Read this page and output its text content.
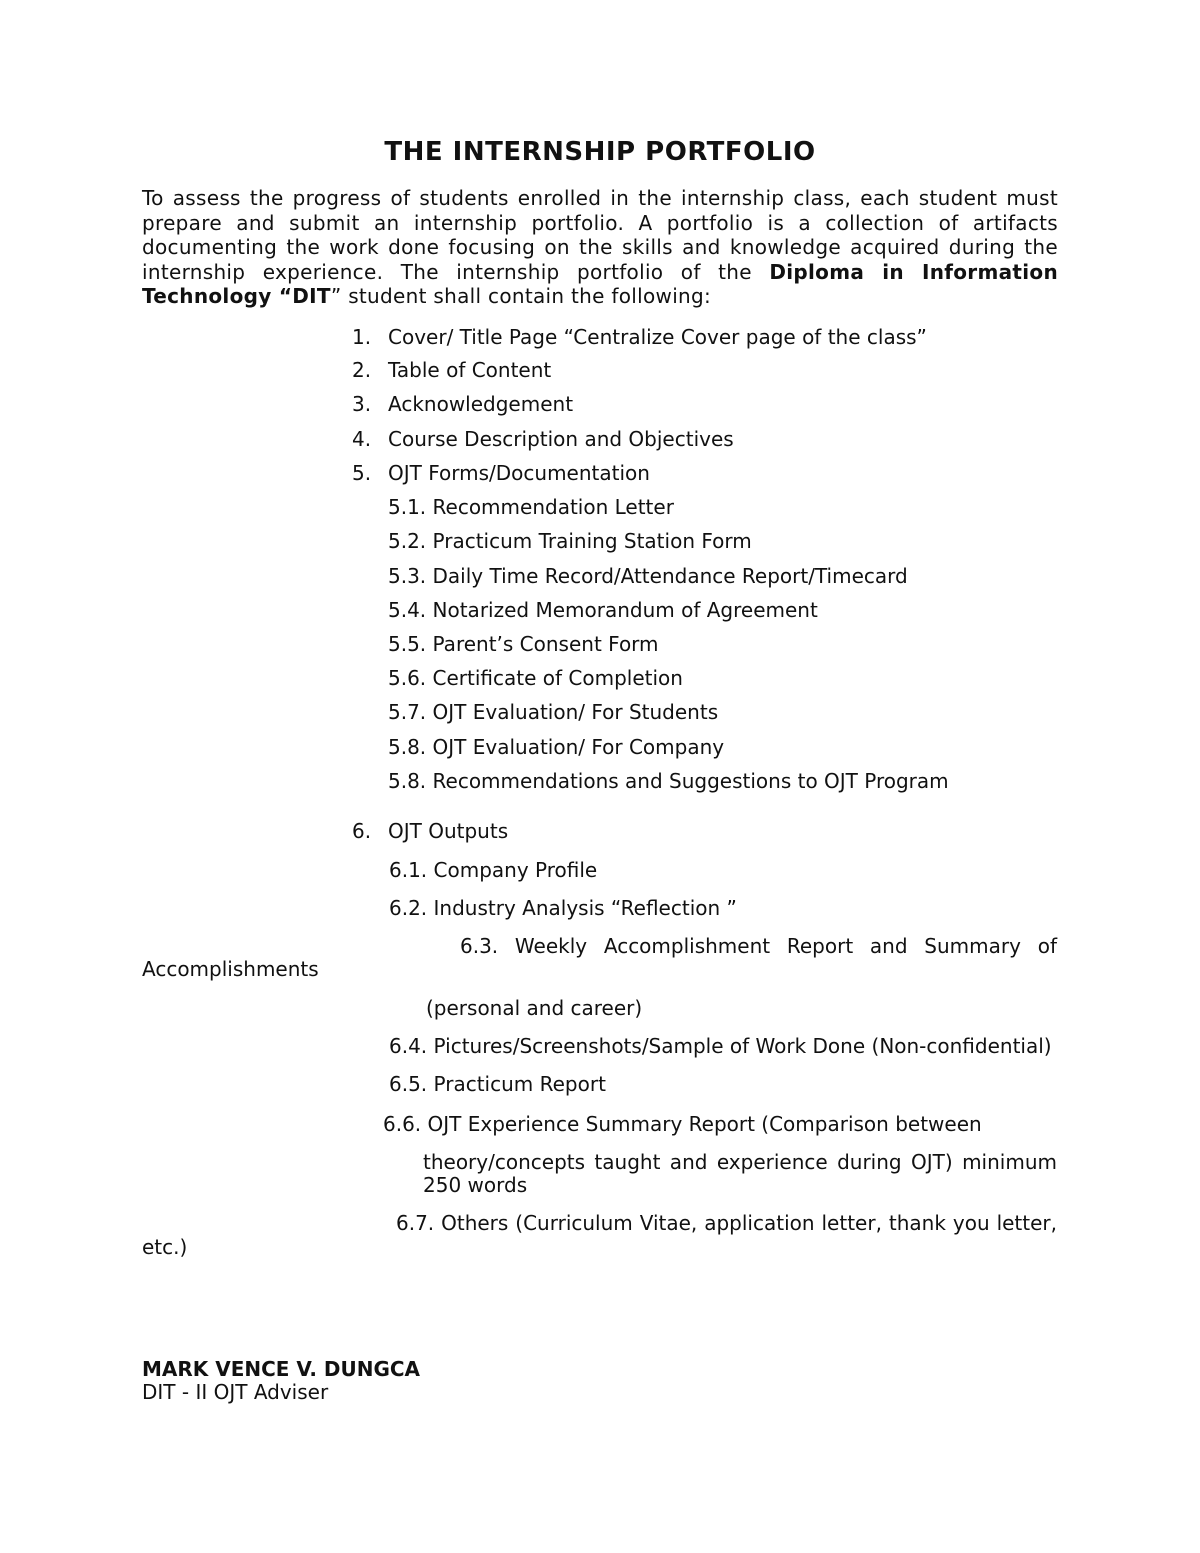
THE INTERNSHIP PORTFOLIO
To assess the progress of students enrolled in the internship class, each student must prepare and submit an internship portfolio. A portfolio is a collection of artifacts documenting the work done focusing on the skills and knowledge acquired during the internship experience. The internship portfolio of the Diploma in Information Technology “DIT” student shall contain the following:
1. Cover/ Title Page “Centralize Cover page of the class”
2. Table of Content
3. Acknowledgement
4. Course Description and Objectives
5. OJT Forms/Documentation
5.1. Recommendation Letter
5.2. Practicum Training Station Form
5.3. Daily Time Record/Attendance Report/Timecard
5.4. Notarized Memorandum of Agreement
5.5. Parent’s Consent Form
5.6. Certificate of Completion
5.7. OJT Evaluation/ For Students
5.8. OJT Evaluation/ For Company
5.8. Recommendations and Suggestions to OJT Program
6. OJT Outputs
6.1. Company Profile
6.2. Industry Analysis “Reflection ”
6.3. Weekly Accomplishment Report and Summary of
Accomplishments
(personal and career)
6.4. Pictures/Screenshots/Sample of Work Done (Non-confidential)
6.5. Practicum Report
6.6. OJT Experience Summary Report (Comparison between
theory/concepts taught and experience during OJT) minimum
250 words
6.7. Others (Curriculum Vitae, application letter, thank you letter,
etc.)
MARK VENCE V. DUNGCA
DIT - II OJT Adviser
